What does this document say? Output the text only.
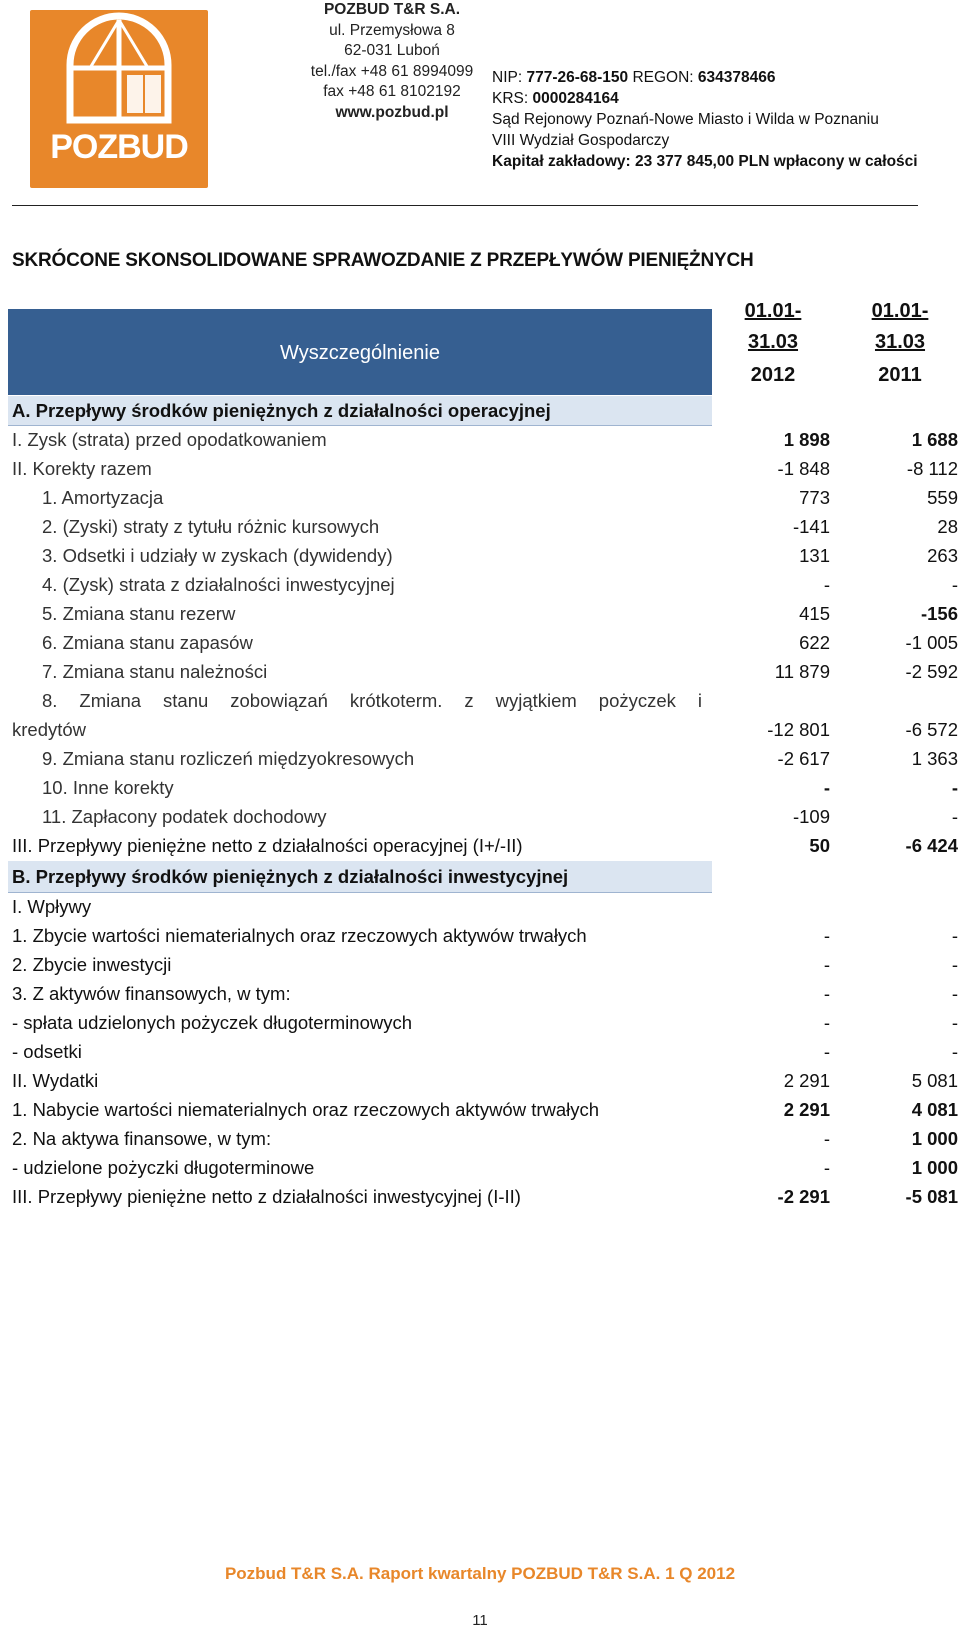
POZBUD
POZBUD T&R S.A.
ul. Przemysłowa 8
62-031 Luboń
tel./fax +48 61 8994099
fax +48 61 8102192
www.pozbud.pl
NIP: 777-26-68-150 REGON: 634378466
KRS: 0000284164
Sąd Rejonowy Poznań-Nowe Miasto i Wilda w Poznaniu
VIII Wydział Gospodarczy
Kapitał zakładowy: 23 377 845,00 PLN wpłacony w całości
SKRÓCONE SKONSOLIDOWANE SPRAWOZDANIE Z PRZEPŁYWÓW PIENIĘŻNYCH
Wyszczególnienie
01.01-
31.03
2012
01.01-
31.03
2011
A. Przepływy środków pieniężnych z działalności operacyjnej
I. Zysk (strata) przed opodatkowaniem	1 898	1 688
II. Korekty razem	-1 848	-8 112
1. Amortyzacja	773	559
2. (Zyski) straty z tytułu różnic kursowych	-141	28
3. Odsetki i udziały w zyskach (dywidendy)	131	263
4. (Zysk) strata z działalności inwestycyjnej	-	-
5. Zmiana stanu rezerw	415	-156
6. Zmiana stanu zapasów	622	-1 005
7. Zmiana stanu należności	11 879	-2 592
8. Zmiana stanu zobowiązań krótkoterm. z wyjątkiem pożyczek i
kredytów	-12 801	-6 572
9. Zmiana stanu rozliczeń międzyokresowych	-2 617	1 363
10. Inne korekty	-	-
11. Zapłacony podatek dochodowy	-109	-
III. Przepływy pieniężne netto z działalności operacyjnej (I+/-II)	50	-6 424
B. Przepływy środków pieniężnych z działalności inwestycyjnej
I. Wpływy
1. Zbycie wartości niematerialnych oraz rzeczowych aktywów trwałych	-	-
2. Zbycie inwestycji	-	-
3. Z aktywów finansowych, w tym:	-	-
- spłata udzielonych pożyczek długoterminowych	-	-
- odsetki	-	-
II. Wydatki	2 291	5 081
1. Nabycie wartości niematerialnych oraz rzeczowych aktywów trwałych	2 291	4 081
2. Na aktywa finansowe, w tym:	-	1 000
- udzielone pożyczki długoterminowe	-	1 000
III. Przepływy pieniężne netto z działalności inwestycyjnej (I-II)	-2 291	-5 081
Pozbud T&R S.A. Raport kwartalny POZBUD T&R S.A. 1 Q 2012
11
